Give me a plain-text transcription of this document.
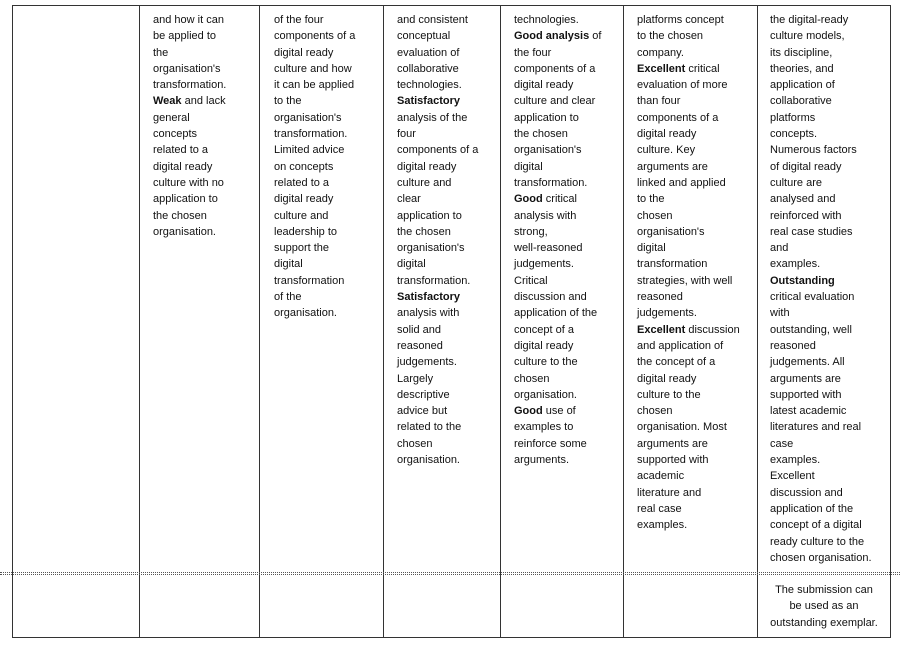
and how it can
be applied to
the
organisation's
transformation.
Weak and lack
general
concepts
related to a
digital ready
culture with no
application to
the chosen
organisation.
of the four
components of a
digital ready
culture and how
it can be applied
to the
organisation's
transformation.
Limited advice
on concepts
related to a
digital ready
culture and
leadership to
support the
digital
transformation
of the
organisation.
and consistent
conceptual
evaluation of
collaborative
technologies.
Satisfactory
analysis of the
four
components of a
digital ready
culture and
clear
application to
the chosen
organisation's
digital
transformation.
Satisfactory
analysis with
solid and
reasoned
judgements.
Largely
descriptive
advice but
related to the
chosen
organisation.
technologies.
Good analysis of
the four
components of a
digital ready
culture and clear
application to
the chosen
organisation's
digital
transformation.
Good critical
analysis with
strong,
well-reasoned
judgements.
Critical
discussion and
application of the
concept of a
digital ready
culture to the
chosen
organisation.
Good use of
examples to
reinforce some
arguments.
platforms concept
to the chosen
company.
Excellent critical
evaluation of more
than four
components of a
digital ready
culture. Key
arguments are
linked and applied
to the
chosen
organisation's
digital
transformation
strategies, with well
reasoned
judgements.
Excellent discussion
and application of
the concept of a
digital ready
culture to the
chosen
organisation. Most
arguments are
supported with
academic
literature and
real case
examples.
the digital-ready
culture models,
its discipline,
theories, and
application of
collaborative
platforms
concepts.
Numerous factors
of digital ready
culture are
analysed and
reinforced with
real case studies
and
examples.
Outstanding
critical evaluation
with
outstanding, well
reasoned
judgements. All
arguments are
supported with
latest academic
literatures and real
case
examples.
Excellent
discussion and
application of the
concept of a digital
ready culture to the
chosen organisation.
The submission can
be used as an
outstanding exemplar.
